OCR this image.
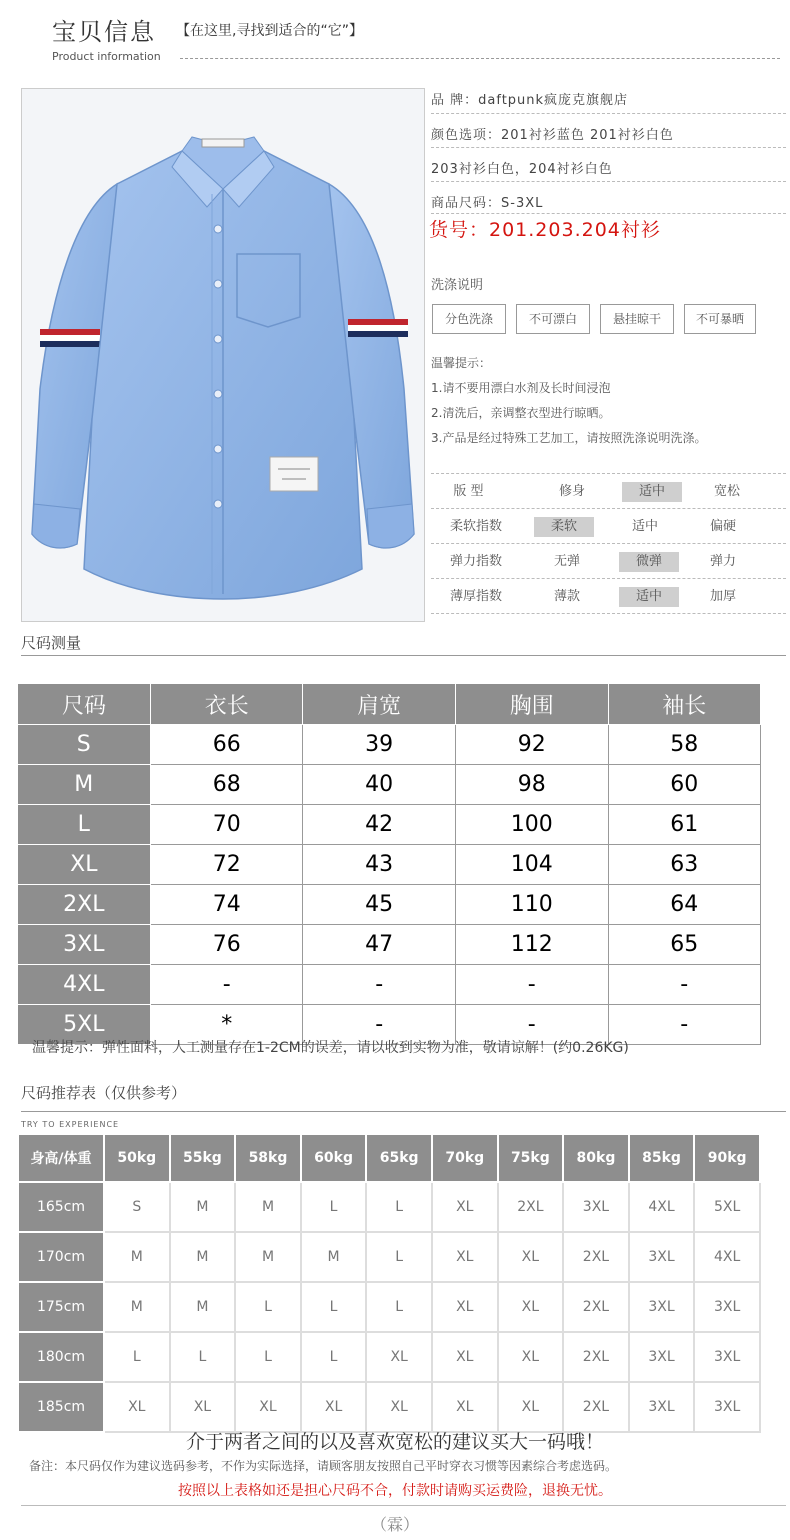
宝贝信息 【在这里,寻找到适合的“它”】
Product information
品 牌：daftpunk疯庞克旗舰店
颜色选项：201衬衫蓝色 201衬衫白色
203衬衫白色，204衬衫白色
商品尺码：S-3XL
货号：201.203.204衬衫
洗涤说明
分色洗涤	不可漂白	悬挂晾干	不可暴晒
温馨提示：
1.请不要用漂白水剂及长时间浸泡
2.清洗后，亲调整衣型进行晾晒。
3.产品是经过特殊工艺加工，请按照洗涤说明洗涤。
版 型	修身	适中	宽松
柔软指数	柔软	适中	偏硬
弹力指数	无弹	微弹	弹力
薄厚指数	薄款	适中	加厚
尺码测量
尺码	衣长	肩宽	胸围	袖长
S	66	39	92	58
M	68	40	98	60
L	70	42	100	61
XL	72	43	104	63
2XL	74	45	110	64
3XL	76	47	112	65
4XL	-	-	-	-
5XL	*	-	-	-
温馨提示：弹性面料，人工测量存在1-2CM的误差，请以收到实物为准，敬请谅解！(约0.26KG)
尺码推荐表（仅供参考）
TRY TO EXPERIENCE
身高/体重	50kg	55kg	58kg	60kg	65kg	70kg	75kg	80kg	85kg	90kg
165cm	S	M	M	L	L	XL	2XL	3XL	4XL	5XL
170cm	M	M	M	M	L	XL	XL	2XL	3XL	4XL
175cm	M	M	L	L	L	XL	XL	2XL	3XL	3XL
180cm	L	L	L	L	XL	XL	XL	2XL	3XL	3XL
185cm	XL	XL	XL	XL	XL	XL	XL	2XL	3XL	3XL
介于两者之间的以及喜欢宽松的建议买大一码哦！
备注：本尺码仅作为建议选码参考，不作为实际选择，请顾客朋友按照自己平时穿衣习惯等因素综合考虑选码。
按照以上表格如还是担心尺码不合，付款时请购买运费险，退换无忧。
（霖）
